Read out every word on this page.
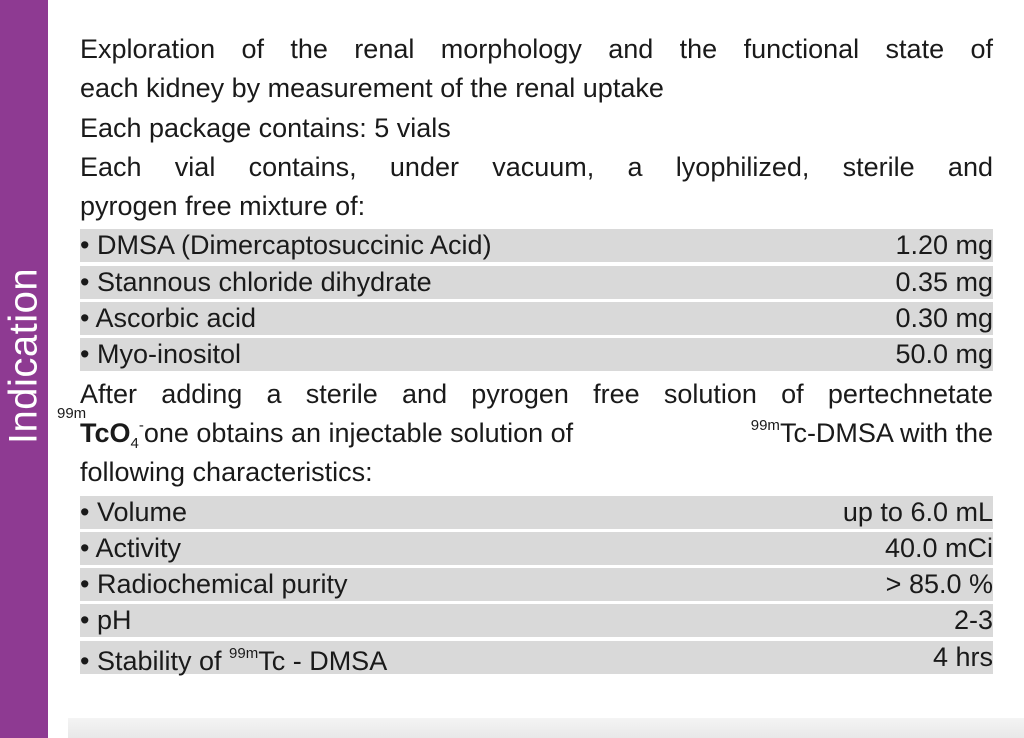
Indication
Exploration of the renal morphology and the functional state of
each kidney by measurement of the renal uptake
Each package contains: 5 vials
Each vial contains, under vacuum, a lyophilized, sterile and
pyrogen free mixture of:
• DMSA (Dimercaptosuccinic Acid)	1.20 mg
• Stannous chloride dihydrate	0.35 mg
• Ascorbic acid	0.30 mg
• Myo-inositol	50.0 mg
After adding a sterile and pyrogen free solution of pertechnetate
99m
TcO$_4$-one obtains an injectable solution of	$^{99m}$Tc-DMSA with the
following characteristics:
• Volume	up to 6.0 mL
• Activity	40.0 mCi
• Radiochemical purity	> 85.0 %
• pH	2-3
• Stability of $^{99m}$Tc - DMSA	4 hrs
